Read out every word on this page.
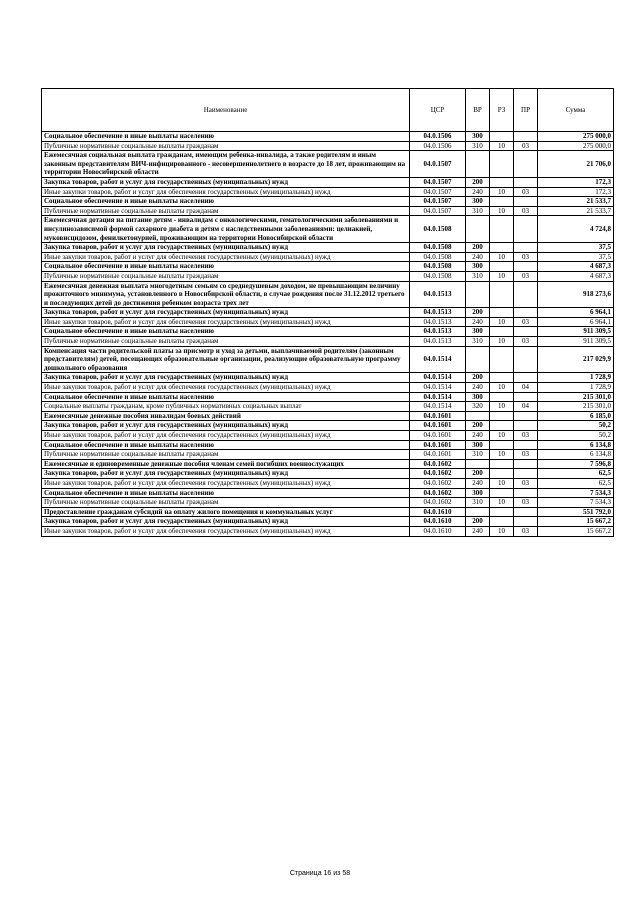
Наименование	ЦСР	ВР	РЗ	ПР	Сумма
Социальное обеспечение и иные выплаты населению	04.0.1506	300			275 000,0
Публичные нормативные социальные выплаты гражданам	04.0.1506	310	10	03	275 000,0
Ежемесячная социальная выплата гражданам, имеющим ребенка-инвалида, а также родителям и иным законным представителям ВИЧ-инфицированного - несовершеннолетнего в возрасте до 18 лет, проживающим на территории Новосибирской области	04.0.1507				21 706,0
Закупка товаров, работ и услуг для государственных (муниципальных) нужд	04.0.1507	200			172,3
Иные закупки товаров, работ и услуг для обеспечения государственных (муниципальных) нужд	04.0.1507	240	10	03	172,3
Социальное обеспечение и иные выплаты населению	04.0.1507	300			21 533,7
Публичные нормативные социальные выплаты гражданам	04.0.1507	310	10	03	21 533,7
Ежемесячная дотация на питание детям - инвалидам с онкологическими, гематологическими заболеваниями и инсулинозависимой формой сахарного диабета и детям с наследственными заболеваниями: целиакией, муковисцидозом, фенилкетонурией, проживающим на территории Новосибирской области	04.0.1508				4 724,8
Закупка товаров, работ и услуг для государственных (муниципальных) нужд	04.0.1508	200			37,5
Иные закупки товаров, работ и услуг для обеспечения государственных (муниципальных) нужд	04.0.1508	240	10	03	37,5
Социальное обеспечение и иные выплаты населению	04.0.1508	300			4 687,3
Публичные нормативные социальные выплаты гражданам	04.0.1508	310	10	03	4 687,3
Ежемесячная денежная выплата многодетным семьям со среднедушевым доходом, не превышающим величину прожиточного минимума, установленного в Новосибирской области, в случае рождения после 31.12.2012 третьего и последующих детей до достижения ребенком возраста трех лет	04.0.1513				918 273,6
Закупка товаров, работ и услуг для государственных (муниципальных) нужд	04.0.1513	200			6 964,1
Иные закупки товаров, работ и услуг для обеспечения государственных (муниципальных) нужд	04.0.1513	240	10	03	6 964,1
Социальное обеспечение и иные выплаты населению	04.0.1513	300			911 309,5
Публичные нормативные социальные выплаты гражданам	04.0.1513	310	10	03	911 309,5
Компенсация части родительской платы за присмотр и уход за детьми, выплачиваемой родителям (законным представителям) детей, посещающих образовательные организации, реализующие образовательную программу дошкольного образования	04.0.1514				217 029,9
Закупка товаров, работ и услуг для государственных (муниципальных) нужд	04.0.1514	200			1 728,9
Иные закупки товаров, работ и услуг для обеспечения государственных (муниципальных) нужд	04.0.1514	240	10	04	1 728,9
Социальное обеспечение и иные выплаты населению	04.0.1514	300			215 301,0
Социальные выплаты гражданам, кроме публичных нормативных социальных выплат	04.0.1514	320	10	04	215 301,0
Ежемесячные денежные пособия инвалидам боевых действий	04.0.1601				6 185,0
Закупка товаров, работ и услуг для государственных (муниципальных) нужд	04.0.1601	200			50,2
Иные закупки товаров, работ и услуг для обеспечения государственных (муниципальных) нужд	04.0.1601	240	10	03	50,2
Социальное обеспечение и иные выплаты населению	04.0.1601	300			6 134,8
Публичные нормативные социальные выплаты гражданам	04.0.1601	310	10	03	6 134,8
Ежемесячные и единовременные денежные пособия членам семей погибших военнослужащих	04.0.1602				7 596,8
Закупка товаров, работ и услуг для государственных (муниципальных) нужд	04.0.1602	200			62,5
Иные закупки товаров, работ и услуг для обеспечения государственных (муниципальных) нужд	04.0.1602	240	10	03	62,5
Социальное обеспечение и иные выплаты населению	04.0.1602	300			7 534,3
Публичные нормативные социальные выплаты гражданам	04.0.1602	310	10	03	7 534,3
Предоставление гражданам субсидий на оплату жилого помещения и коммунальных услуг	04.0.1610				551 792,0
Закупка товаров, работ и услуг для государственных (муниципальных) нужд	04.0.1610	200			15 667,2
Иные закупки товаров, работ и услуг для обеспечения государственных (муниципальных) нужд	04.0.1610	240	10	03	15 667,2
Страница 16 из 58
